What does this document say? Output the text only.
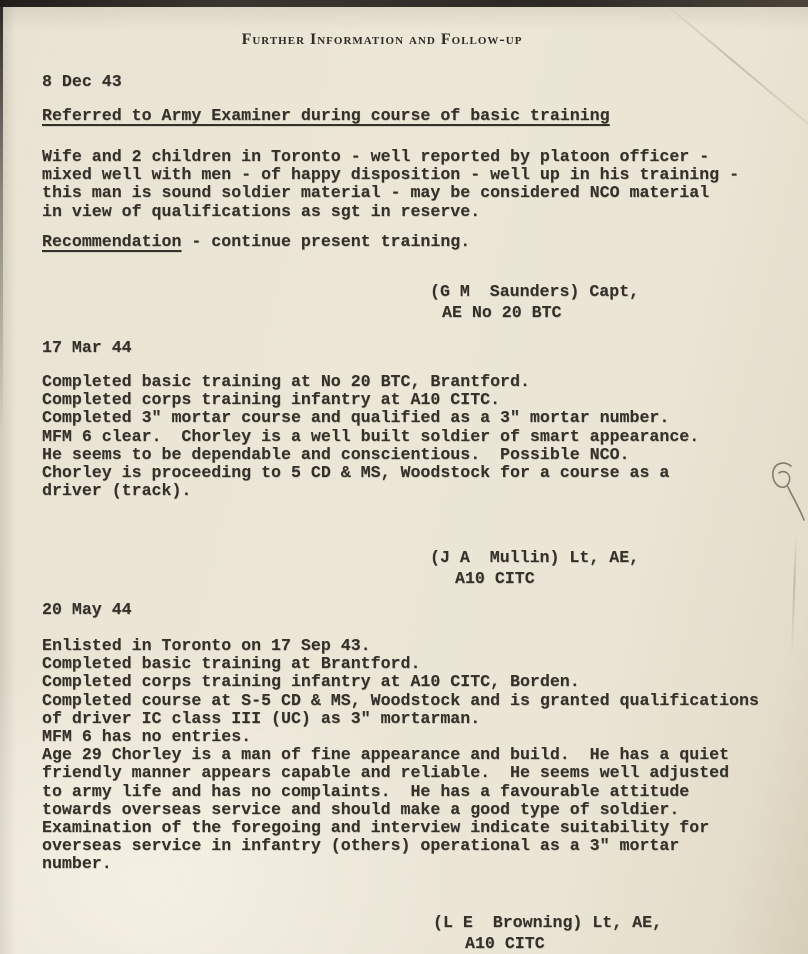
Further Information and Follow-up
8 Dec 43
Referred to Army Examiner during course of basic training
Wife and 2 children in Toronto - well reported by platoon officer -
mixed well with men - of happy disposition - well up in his training -
this man is sound soldier material - may be considered NCO material
in view of qualifications as sgt in reserve.
Recommendation - continue present training.
(G M  Saunders) Capt,
AE No 20 BTC
17 Mar 44
Completed basic training at No 20 BTC, Brantford.
Completed corps training infantry at A10 CITC.
Completed 3" mortar course and qualified as a 3" mortar number.
MFM 6 clear.  Chorley is a well built soldier of smart appearance.
He seems to be dependable and conscientious.  Possible NCO.
Chorley is proceeding to 5 CD & MS, Woodstock for a course as a
driver (track).
(J A  Mullin) Lt, AE,
A10 CITC
20 May 44
Enlisted in Toronto on 17 Sep 43.
Completed basic training at Brantford.
Completed corps training infantry at A10 CITC, Borden.
Completed course at S-5 CD & MS, Woodstock and is granted qualifications
of driver IC class III (UC) as 3" mortarman.
MFM 6 has no entries.
Age 29 Chorley is a man of fine appearance and build.  He has a quiet
friendly manner appears capable and reliable.  He seems well adjusted
to army life and has no complaints.  He has a favourable attitude
towards overseas service and should make a good type of soldier.
Examination of the foregoing and interview indicate suitability for
overseas service in infantry (others) operational as a 3" mortar
number.
(L E  Browning) Lt, AE,
A10 CITC
